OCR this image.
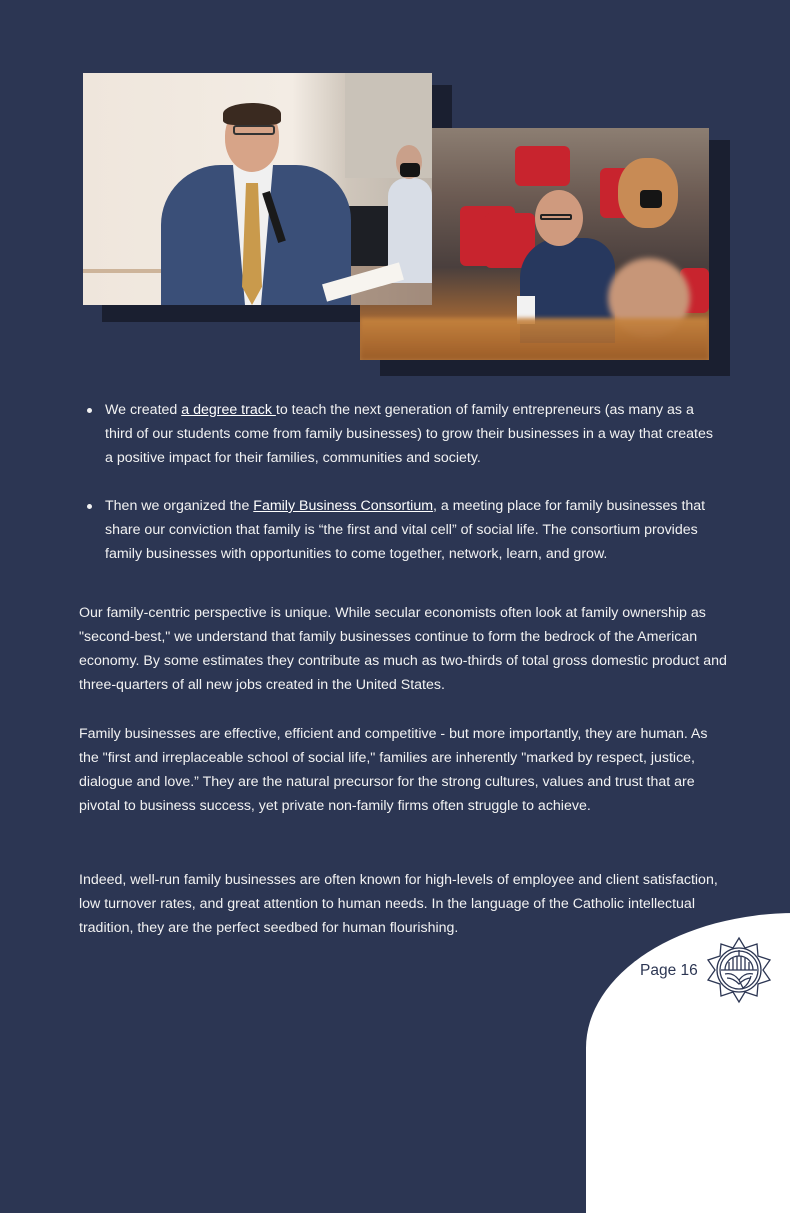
We created a degree track to teach the next generation of family entrepreneurs (as many as a third of our students come from family businesses) to grow their businesses in a way that creates a positive impact for their families, communities and society.
Then we organized the Family Business Consortium, a meeting place for family businesses that share our conviction that family is “the first and vital cell” of social life. The consortium provides family businesses with opportunities to come together, network, learn, and grow.

Our family-centric perspective is unique. While secular economists often look at family ownership as "second-best," we understand that family businesses continue to form the bedrock of the American economy. By some estimates they contribute as much as two-thirds of total gross domestic product and three-quarters of all new jobs created in the United States.

Family businesses are effective, efficient and competitive - but more importantly, they are human. As the "first and irreplaceable school of social life," families are inherently "marked by respect, justice, dialogue and love.” They are the natural precursor for the strong cultures, values and trust that are pivotal to business success, yet private non-family firms often struggle to achieve.

Indeed, well-run family businesses are often known for high-levels of employee and client satisfaction, low turnover rates, and great attention to human needs. In the language of the Catholic intellectual tradition, they are the perfect seedbed for human flourishing.

Page 16
